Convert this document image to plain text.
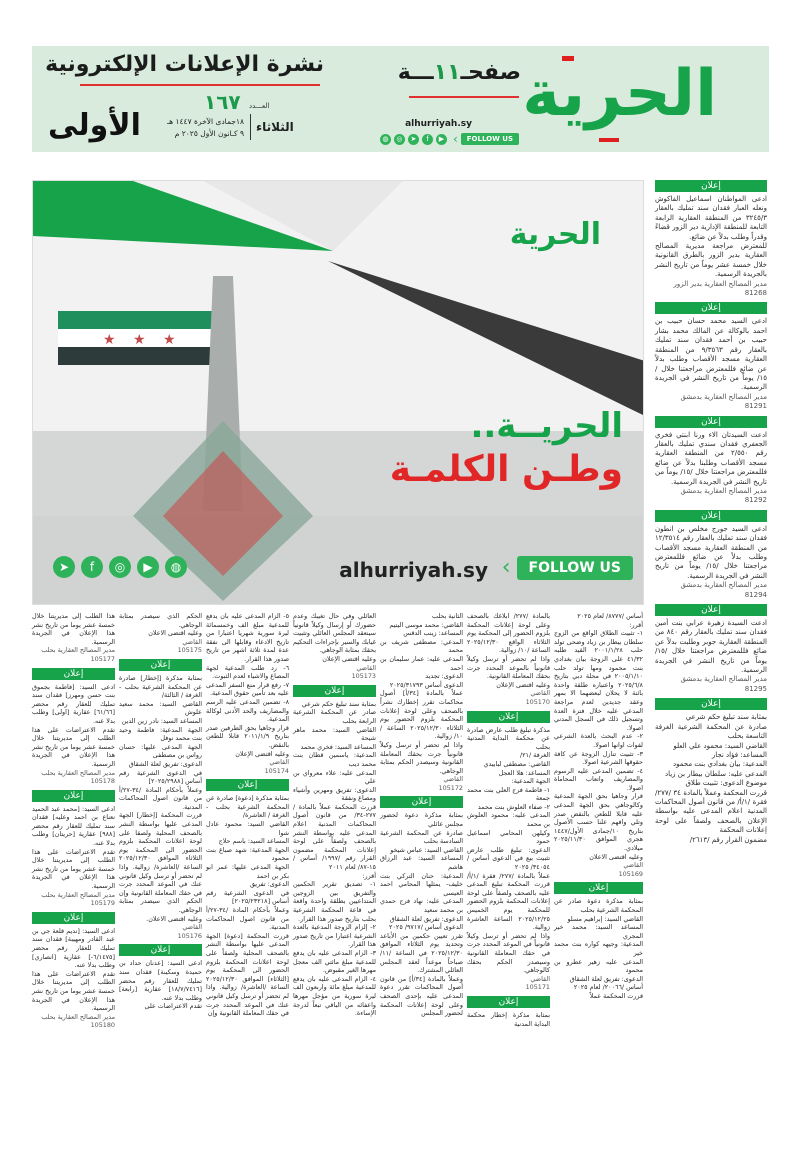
نشرة الإعلانات الإلكترونية
١٦٧ العـــدد
الأولى	١٨جمادى الآخرة ١٤٤٧ هـ
٩ كـانون الأول ٢٠٢٥ م الثلاثاء	الحرية
صفحـ١١ـــة
alhurriyah.sy
◍	◎	➤	f	▶ ‹	FOLLOW US
★ ★ ★
الحرية
الحريــة..
وطـن الكلمـة
➤	f	◎	▶	◍	alhurriyah.sy ‹	FOLLOW US
إعلان
ادعى المواطنان اسماعيل الفاكوش ونعله العبار فقدان سند تمليك بالعقار ٣٢٤٥/٣ من المنطقة العقارية الرابعة التابعة للمنطقة الإدارية دير الزور قضاءً وقدراً وطلب بدلاً عن ضائع.
للمعترض مراجعة مديرية المصالح العقارية بدير الزور بالطرق القانونية خلال خمسة عشر يوماً من تاريخ النشر بالجريدة الرسمية.
مدير المصالح العقارية بدير الزور
81268
إعلان
ادعى السيد محمد حسان حبيب بن احمد بالوكالة عن المالك محمد بشار حبيب بن أحمد فقدان سند تمليك بالعقار رقم ٩/٣٥٦٣ من المنطقة العقارية مسجد الأقصاب وطلب بدلاً عن ضائع فللمعترض مراجعتنا خلال /١٥/ يوماً من تاريخ النشر في الجريدة الرسمية.
مدير المصالح العقارية بدمشق
81291
إعلان
ادعت السيدتان الاء ورنا ابنتي فخري الجعفري فقدان سندي تمليك بالعقار رقم ٢/٥٥٠ من المنطقة العقارية مسجد الأقصاب وطلبنا بدلاً عن ضائع فللمعترض مراجعتنا خلال /١٥/ يوماً من تاريخ النشر في الجريدة الرسمية.
مدير المصالح العقارية بدمشق
81292
إعلان
ادعى السيد جورج مخلص بن انطون فقدان سند تمليك بالعقار رقم ١٢/٣٥١٤ من المنطقة العقارية مسجد الأقصاب وطلب بدلاً عن ضائع فللمعترض مراجعتنا خلال /١٥/ يوماً من تاريخ النشر في الجريدة الرسمية.
مدير المصالح العقارية بدمشق
81294
إعلان
ادعت السيدة زهيرة عرابي بنت أمين فقدان سند تمليك بالعقار رقم ٨٤٠ من المنطقة العقارية جوبر وطلبت بدلاً عن ضائع فللمعترض مراجعتنا خلال /١٥/ يوماً من تاريخ النشر في الجريدة الرسمية.
مدير المصالح العقارية بدمشق
81295
إعلان
بمثابة سند تبليغ حكم شرعي
صادرة عن المحكمة الشرعية الغرفة التاسعة بحلب
القاضي السيد: محمود علي العلو
المساعد: فؤاد نجار
المدعية: بيان بغدادي بنت محمود
المدعى عليه: سلطان بيطار بن زياد
موضوع الدعوى: تثبيت طلاق
قررت المحكمة وعملاً بالمادة ٣٤ /٢٧٧/ فقرة /١/أ/ من قانون أصول المحاكمات المدنية اعلام المدعى عليه بواسطة الإعلان بالصحف ولصقاً على لوحة إعلانات المحكمة
مضمون القرار رقم /٢٦١٣/
أساس /٨٧٧٧/ لعام ٢٠٢٥
أقرر:
١- تثبيت الطلاق الواقع من الزوج سلطان بيطار بن زياد وضحى تولد حلب ٢٠٠١/١/٢٨ القيد طلبه ٤١/٣٢ على الزوجة بيان بغدادي بنت محمود ومها تولد حلب ٢٠٠٥/١/١٠ في محلة دبي بتاريخ ٢٠٢٥/٦/٨ واعتباره طلقة واحدة بائنة لا يحلان لبعضهما الا بمهر وعقد جديدين لعدم مراجعة المدعي عليه خلال فترة العدة وتسجيل ذلك في السجل المدني اصولا.
٢- عدم البحث بالعدة الشرعي لفوات اوانها اصولا.
٣- تثبيت تنازل الزوجة عن كافة حقوقها الشرعية اصولا.
٤- تضمين المدعى عليه الرسوم والمصاريف واتعاب المحاماة اصولا.
قرار وجاهيا بحق الجهة المدعية وكالوجاهي بحق الجهة المدعى عليه قابلا للطعن بالنقض صدر وتلي وافهم علنا حسب الأصول بتاريخ ١٠/جمادى الأول/١٤٤٧ هجري الموافق ٢٠٢٥/١١/٣٠ ميلادي.
وعليه اقتضى الاعلان
القاضي
105169
إعلان
بمثابة مذكرة دعوة صادر عن المحكمة الشرعية بحلب
القاضي السيد: إبراهيم مسلو
المساعد السيد: محمد خير المجري
المدعية: وجيهه كواره بنت محمد خير
المدعى عليه زهير عطرو بن محمود
الدعوى: تفريق لعلة الشقاق
أساس /٢٠٠٦٦/ لعام ٢٠٢٥
قررت المحكمة عملاً
بالمادة /٢٧٧/ ابلاغك بالصحف وعلى لوحة إعلانات المحكمة بلزوم الحضور إلى المحكمة يوم الثلاثاء الواقع ٢٠٢٥/١٢/٣٠ الساعة /١٠/ زوالية.
واذا لم تحضر أو ترسل وكيلاً قانونياً بالموعد المحدد جرت بحقك المعاملة القانونية.
وعليه اقتضى الإعلان
القاضي
105170
إعلان
مذكرة تبليغ طلب عارض صادرة عن محكمة البداية المدنية بحلب
الغرفة /٢١/
القاضي: مصطفى لبابيدي
المساعد: هلا العجل
الجهة المدعية:
١- فاطمة فرج العلي بنت محمد جمعة
٢- صفاء العلوش بنت محمد
المدعى عليه: محمود العلوش بن محمد
وكيلهن المحامي اسماعيل حمود
الدعوى: تبليغ طلب عارض تثبيت بيع في الدعوى أساس /٣٤٠٥٤/ ٢٠٢٥
عملاً بالمادة /٢٧٧/ فقرة /١/أ/ قررت المحكمة تبليغ المدعى عليه بالصحف ولصقاً على لوحة إعلانات المحكمة بلزوم الحضور للمحكمة يوم الخميس ٢٠٢٥/١٢/٢٥ الساعة العاشرة زوالية.
واذا لم تحضر أو ترسل وكيلاً قانونياً في الموعد المحدد جرت في حقك المعاملة القانونية وسيصدر الحكم بحقك كالوجاهي.
القاضي
105171
إعلان
بمثابة مذكرة إخطار محكمة البداية المدنية
الثانية بحلب
القاضي: محمد موسى اليتيم
المساعد: زينب الدقس
المدعي: مصطفى شريف بن محمد
المدعى عليه: عمار سليمان بن احمد
الدعوى: تجديد
الدعوى أساس ٢٠٢٥/٣١٧٩٣
عملاً بالمادة [٣٤/أ] أصول محاكمات تقرر إخطارك نشراً بالصحف وعلى لوحة إعلانات المحكمة بلزوم الحضور يوم الثلاثاء ٢٠٢٥/١٢/٣٠ الساعة /١٠/ زوالية.
واذا لم تحضر أو ترسل وكيلاً قانونياً جرت بحقك المعاملة القانونية وسيصدر الحكم بمثابة الوجاهي.
القاضي
105172
إعلان
بمثابة مذكرة دعوة لحضور مجلس عائلي
صادرة عن المحكمة الشرعية السادسة بحلب
القاضي السيد: عباس شيخو
المساعد السيد: عبد الرزاق هاشم
المدعية: حنان التركي بنت خليف- يمثلها المحامي احمد العيسى
المدعى عليه: نهاد فرج حمدي بن محمد سعيد
الدعوى: تفريق لعلة الشقاق
الدعوى أساس /٩٧١٧/ ٢٠٢٥
تقرر تعيين حكمين من الأباعد وتحديد يوم الثلاثاء الموافق ٢٠٢٥/١٢/٣٠ في الساعة /١١/ صباحاً موعداً لعقد المجلس العائلي المشترك.
وعملاً بالمادة [٣٤/أ] من قانون أصول المحاكمات تقرر دعوة المدعى عليه بإحدى الصحف وعلى لوحة إعلانات المحكمة لحضور المجلس
العائلي وفي حال تغيبك وعدم حضورك أو إرسال وكيلاً قانونياً سينعقد المجلس العائلي وتثبيت غيابك والسير بإجراءات التحكيم بحقك بمثابة الوجاهي.
وعليه اقتضى الإعلان
القاضي
105173
إعلان
بمثابة سند تبليغ حكم شرعي
صادر عن المحكمة الشرعية الرابعة بحلب
القاضي السيد: محمد ماهر شيحة
المساعد السيد: فخري محمد
المدعية: ياسمين قطان بنت محمد ديب
المدعى عليه: علاء معرواي بن علي
الدعوى: تفريق ومهرين وأشياء ومصاغ ونفقة
قررت المحكمة عملاً بالمادة /٢٧٧-٣٤/ من قانون أصول المحاكمات المدنية اعلام المدعى عليه بواسطة النشر بالصحف ولصقاً على لوحة إعلانات المحكمة مضمون القرار رقم /١٩٩٧/ أساس /١٥-٨٧/ لعام ٢٠١١
أقرر:
١- تصديق تقرير الحكمين والتفريق بين الزوجين المتداعيين بطلقة واحدة واقعة في قاعة المحكمة الشرعية بحلب بتاريخ صدور هذا القرار.
٢- إلزام الزوجة المدعية بالعدة الشرعية اعتبارا من تاريخ صدور هذا القرار.
٣- الزام المدعى عليه بان يدفع للمدعية مبلغ مائتي الف معجل مهرها الغير مقبوض.
٤- الزام المدعى عليه بان يدفع للمدعية مبلغ مائة واربعون الف ليرة سورية من مؤجل مهرها واعفائه من الباقي تبعاً لدرجة الإساءة.
٥- الزام المدعى عليه بان يدفع للمدعية مبلغ الف وخمسمائة ليرة سورية شهريا اعتبارا من تاريخ الادعاء وقابلها الى نفقة عدة لمدة ثلاثة اشهر من تاريخ صدور هذا القرار.
٦- رد طلب المدعية لجهة المصاغ والاشياء لعدم الثبوت.
٧- رفع قرار منع السفر المدعى عليه بعد تأمين حقوق المدعية.
٨- تضمين المدعى عليه الرسم والمصاريف والحد الأدنى لوكالة المدعية.
قرار وجاهيا بحق الطرفين صدر بتاريخ ٢٠١١/١/٩ قابلا للطعن بالنقض.
وعليه اقتضى الإعلان
القاضي
105174
إعلان
بمثابة مذكرة [دعوة] صادرة عن المحكمة الشرعية بحلب - الغرفة / العاشرة/
القاضي السيد: محمود عادل شوا
المساعد السيد: باسم حلاج
الجهة المدعية: شهد صباغ بنت محمود
الجهة المدعى عليها: عمر ابو بكر بن احمد
الدعوى: تفريق
في الدعوى الشرعية رقم أساس [٢٠٢٥/٢٣٢١٨]
وعملاً بأحكام المادة /٣٤-٢٧/أ من قانون اصول المحاكمات المدنية.
قررت المحكمة [دعوة] الجهة المدعى عليها بواسطة النشر بالصحف المحلية ولصقاً على لوحة اعلانات المحكمة بلزوم الحضور الى المحكمة يوم [الثلاثاء] الموافق ٢٠٢٥/١٢/٣٠ الساعة /العاشرة/ زوالية. واذا لم تحضر أو ترسل وكيل قانوني عنك في الموعد المحدد جرت في حقك المعاملة القانونية وإن
الحكم الذي سيصدر بمثابة الوجاهي.
وعليه اقتضى الاعلان
القاضي
105175
إعلان
بمثابة مذكرة [إخطار] صادرة عن المحكمة الشرعية بحلب - الغرفة / الثالثة/
القاضي السيد: محمد سعيد علوش
المساعد السيد: نادر زين الدين
الجهة المدعية: فاطمة وحيد بنت محمد نوفل
الجهة المدعى عليها: حسان رواس بن مصطفى
الدعوى: تفريق لعلة الشقاق
في الدعوى الشرعية رقم أساس [٢٠٢٥/٢٩٨٨]
وعملاً بأحكام المادة /٣٤-٢٧/أ من قانون اصول المحاكمات المدنية.
قررت المحكمة [إخطار] الجهة المدعى عليها بواسطة النشر بالصحف المحلية ولصقا على لوحة اعلانات المحكمة بلزوم الحضور الى المحكمة يوم الثلاثاء الموافق ٢٠٢٥/١٢/٣٠ الساعة /العاشرة/ زوالية. واذا لم تحضر أو ترسل وكيل قانوني عنك في الموعد المحدد جرت في حقك المعاملة القانونية وإن الحكم الذي سيصدر بمثابة الوجاهي.
وعليه اقتضى الاعلان.
القاضي
105176
إعلان
ادعى السيد: [عدنان حداد بن حميدة وسكينة] فقدان سند تمليك للعقار رقم محضر [١٨/٧/٧٤١٦] عقارية [رابعة] وطلب بدلا عنه.
تقدم الاعتراضات على
هذا الطلب إلى مديريتنا خلال خمسة عشر يوما من تاريخ نشر هذا الإعلان في الجريدة الرسمية.
مدير المصالح العقارية بحلب
105177
إعلان
ادعى السيد: [فاطمة بجموق بنت حسن ومهرز] فقدان سند تمليك للعقار رقم محضر [٦١/٦٦] عقارية [اولى] وطلب بدلا عنه.
تقدم الاعتراضات على هذا الطلب إلى مديريتنا خلال خمسة عشر يوما من تاريخ نشر هذا الإعلان في الجريدة الرسمية.
مدير المصالح العقارية بحلب
105178
إعلان
ادعى السيد: [محمد عبد الحميد نعناع بن احمد وعليه] فقدان سند تمليك للعقار رقم محضر [٩٨٨] عقارية [حريتان] وطلب بدلا عنه.
تقدم الاعتراضات على هذا الطلب إلى مديريتنا خلال خمسة عشر يوما من تاريخ نشر هذا الإعلان في الجريدة الرسمية.
مدير المصالح العقارية بحلب
105179
إعلان
ادعى السيد: [نديم قلعة جي بن عبد القادر ومهيبة] فقدان سند تمليك للعقار رقم محضر [٦/١٤٧٥-] عقارية [انصاري] وطلب بدلا عنه.
تقدم الاعتراضات على هذا الطلب إلى مديريتنا خلال خمسة عشر يوما من تاريخ نشر هذا الإعلان في الجريدة الرسمية.
مدير المصالح العقارية بحلب
105180
